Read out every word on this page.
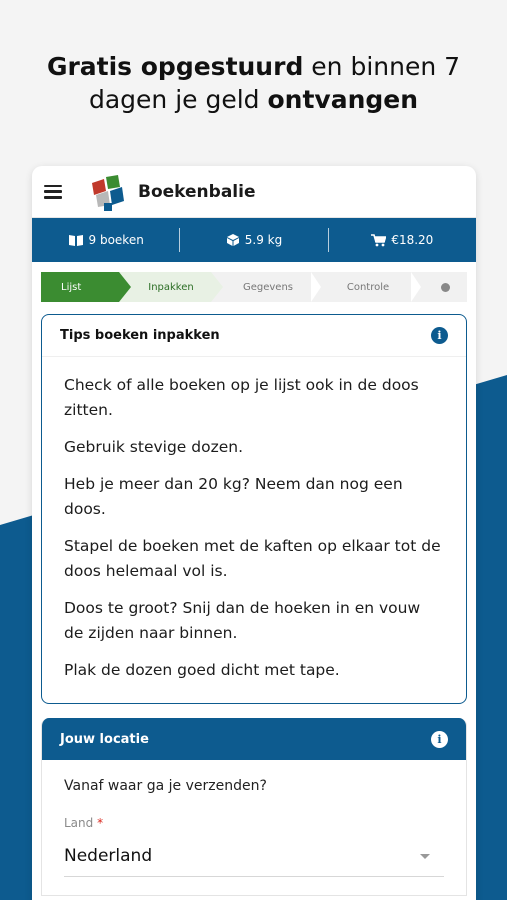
Gratis opgestuurd en binnen 7
dagen je geld ontvangen
Boekenbalie
9 boeken	5.9 kg	€18.20
Lijst	Inpakken	Gegevens	Controle
Tips boeken inpakken	i

Check of alle boeken op je lijst ook in de doos zitten.

Gebruik stevige dozen.

Heb je meer dan 20 kg? Neem dan nog een doos.

Stapel de boeken met de kaften op elkaar tot de doos helemaal vol is.

Doos te groot? Snij dan de hoeken in en vouw de zijden naar binnen.

Plak de dozen goed dicht met tape.

Jouw locatie	i
Vanaf waar ga je verzenden?
Land *
Nederland
